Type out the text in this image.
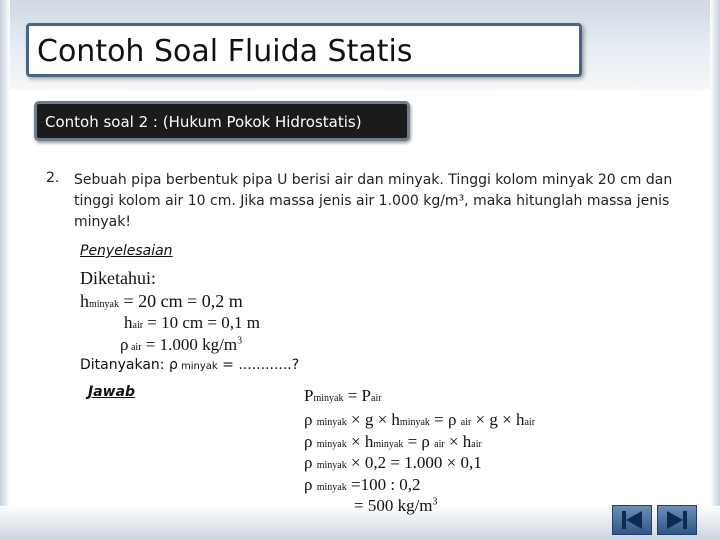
Contoh Soal Fluida Statis
Contoh soal 2 : (Hukum Pokok Hidrostatis)
2. Sebuah pipa berbentuk pipa U berisi air dan minyak. Tinggi kolom minyak 20 cm dan
tinggi kolom air 10 cm. Jika massa jenis air 1.000 kg/m³, maka hitunglah massa jenis
minyak!
Penyelesaian
Diketahui:
hminyak = 20 cm = 0,2 m
hair = 10 cm = 0,1 m
ρ air = 1.000 $kg/m^3$
Ditanyakan: ρ minyak = ............?
Jawab	Pminyak = Pair
ρ minyak × g × hminyak = ρ air × g × hair
ρ minyak × hminyak = ρ air × hair
ρ minyak × 0,2 = 1.000 × 0,1
ρ minyak =100 : 0,2
= 500 $kg/m^3$
